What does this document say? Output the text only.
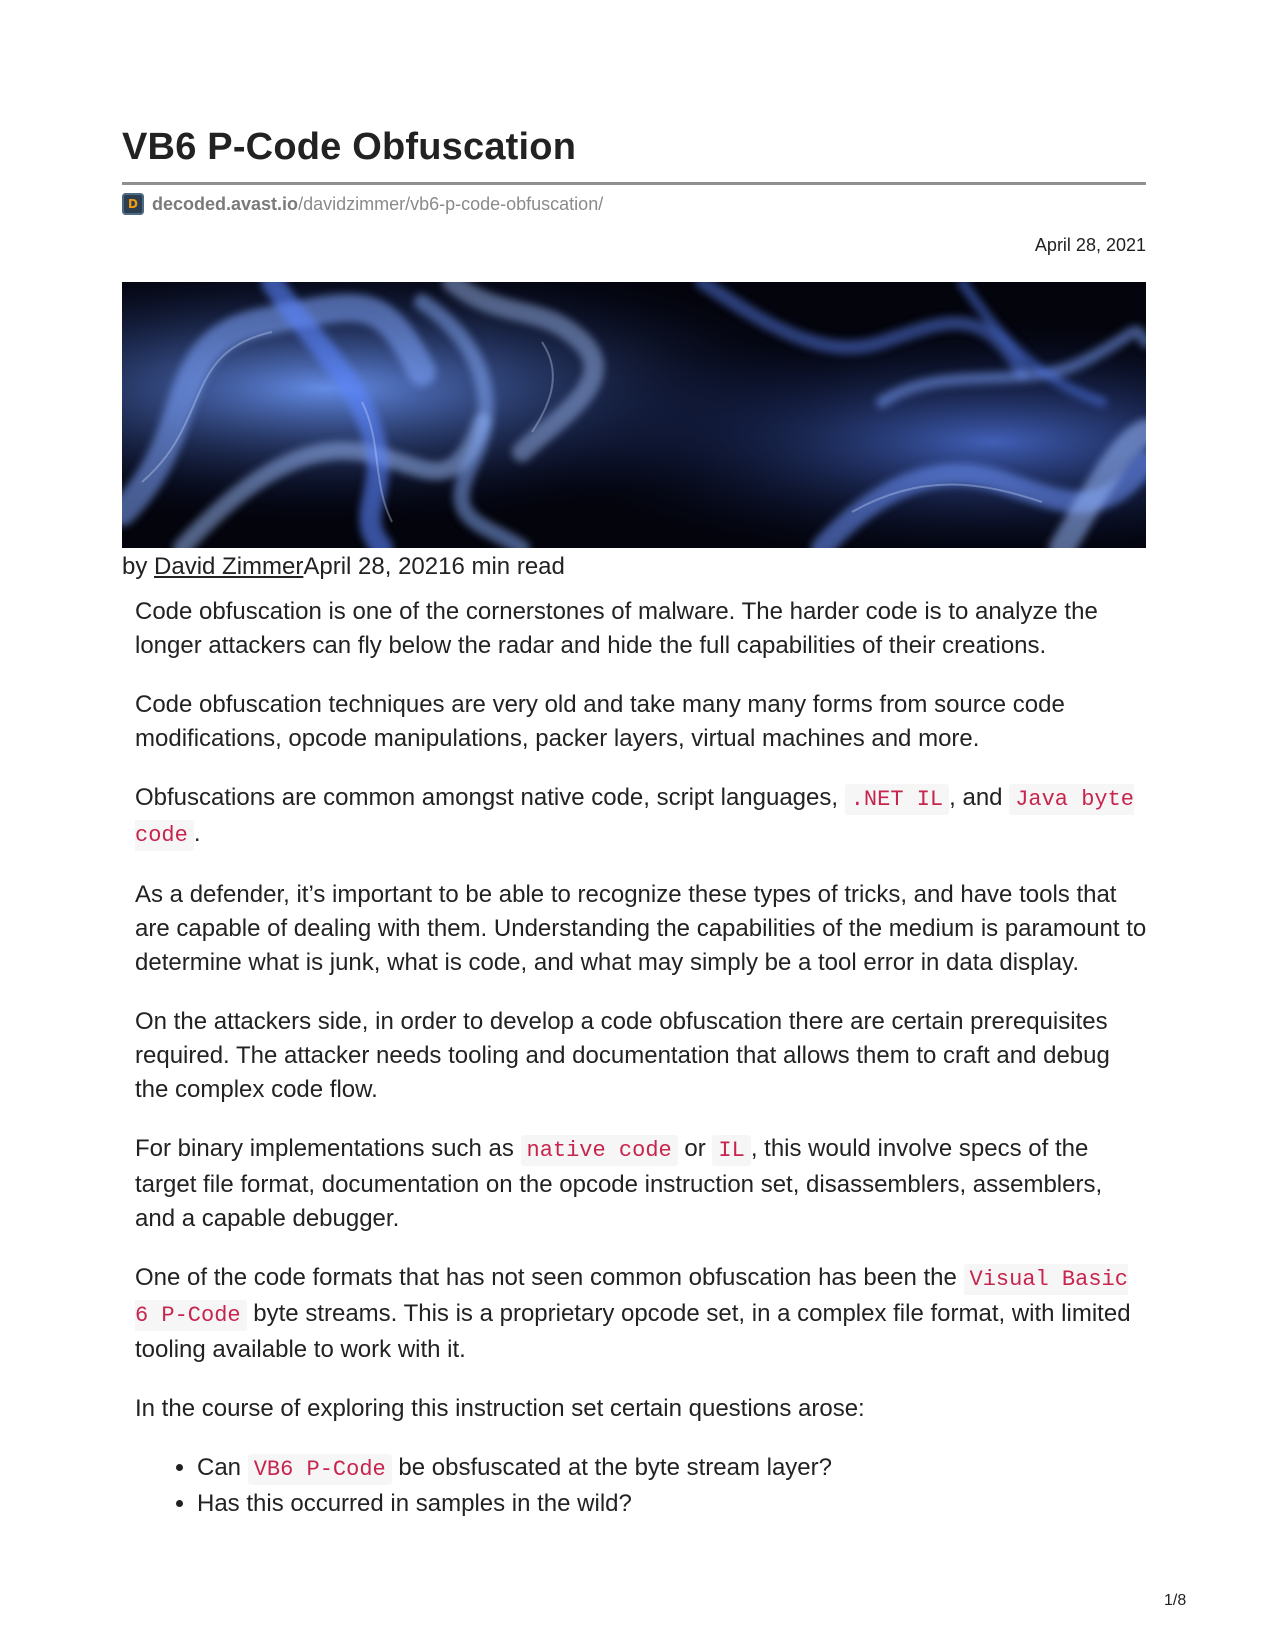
VB6 P-Code Obfuscation
D decoded.avast.io /davidzimmer/vb6-p-code-obfuscation/
April 28, 2021
by David ZimmerApril 28, 20216 min read

Code obfuscation is one of the cornerstones of malware. The harder code is to analyze the longer attackers can fly below the radar and hide the full capabilities of their creations.

Code obfuscation techniques are very old and take many many forms from source code modifications, opcode manipulations, packer layers, virtual machines and more.

Obfuscations are common amongst native code, script languages, .NET IL , and Java byte code .

As a defender, it’s important to be able to recognize these types of tricks, and have tools that are capable of dealing with them. Understanding the capabilities of the medium is paramount to determine what is junk, what is code, and what may simply be a tool error in data display.

On the attackers side, in order to develop a code obfuscation there are certain prerequisites required. The attacker needs tooling and documentation that allows them to craft and debug the complex code flow.

For binary implementations such as native code or IL , this would involve specs of the target file format, documentation on the opcode instruction set, disassemblers, assemblers, and a capable debugger.

One of the code formats that has not seen common obfuscation has been the Visual Basic 6 P-Code byte streams. This is a proprietary opcode set, in a complex file format, with limited tooling available to work with it.

In the course of exploring this instruction set certain questions arose:

• Can VB6 P-Code be obsfuscated at the byte stream layer?
• Has this occurred in samples in the wild?
1/8
